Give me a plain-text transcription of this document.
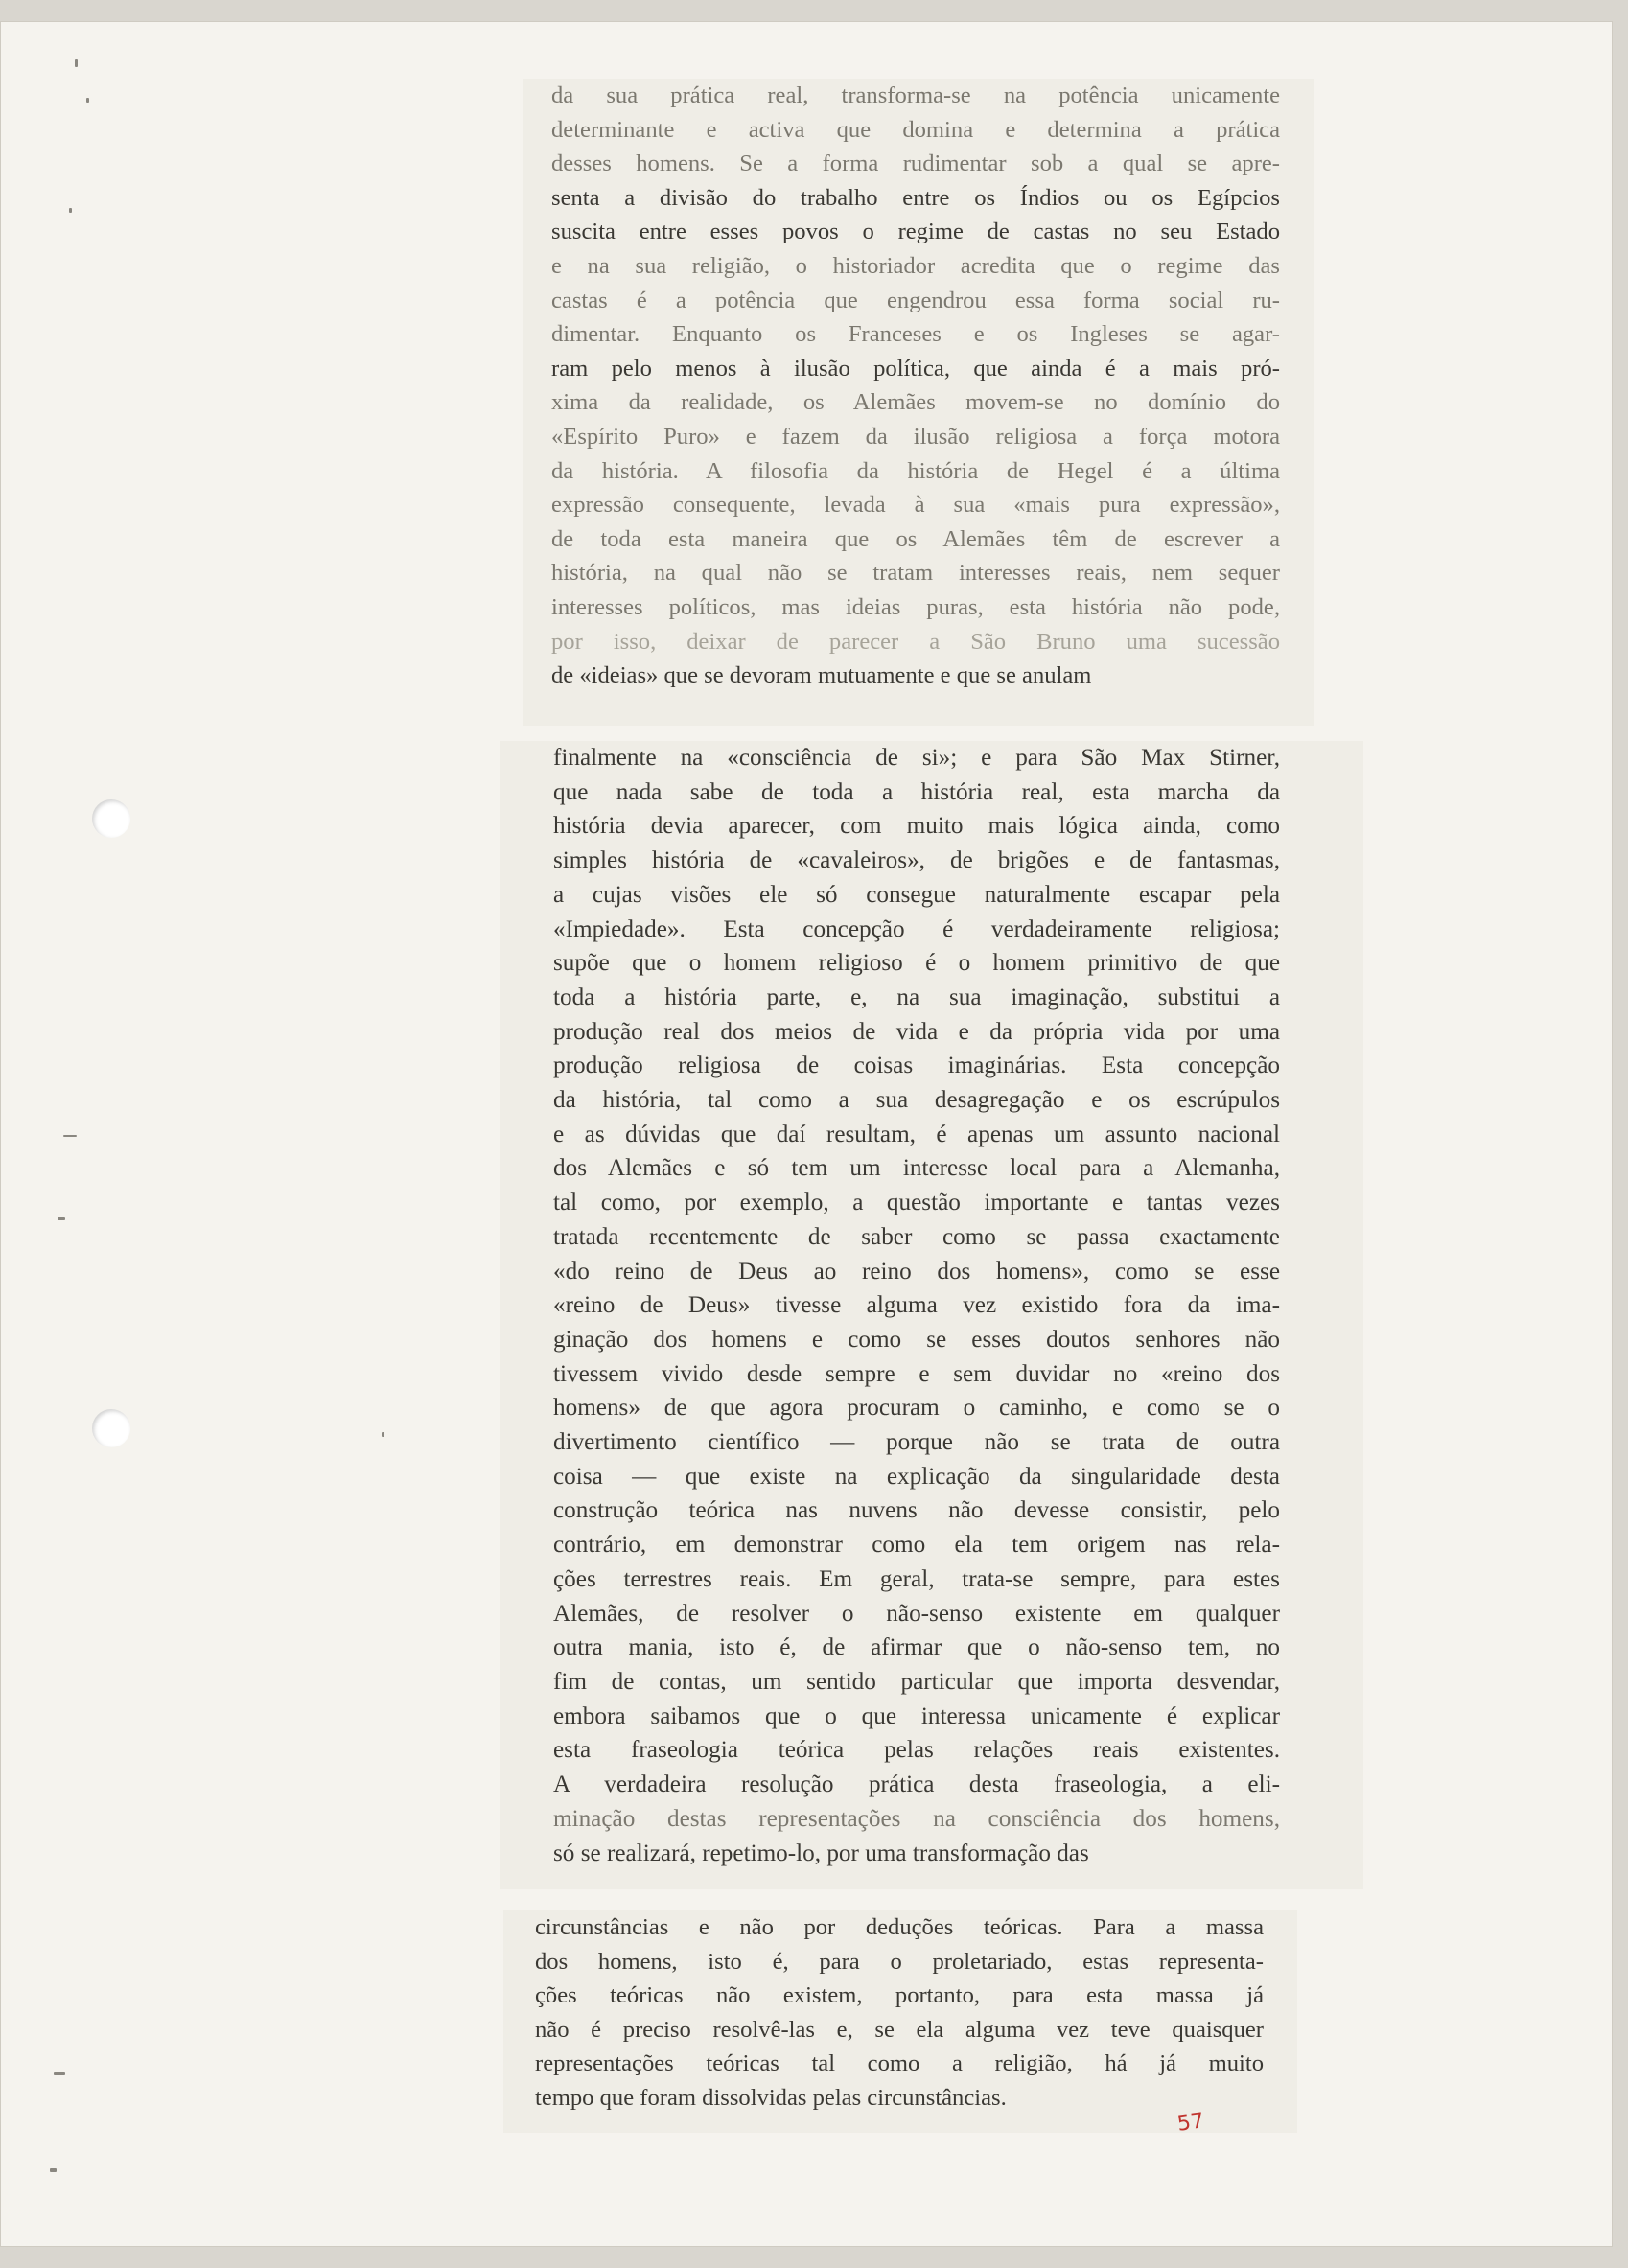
da sua prática real, transforma-se na potência unicamente
determinante e activa que domina e determina a prática
desses homens. Se a forma rudimentar sob a qual se apre-
senta a divisão do trabalho entre os Índios ou os Egípcios
suscita entre esses povos o regime de castas no seu Estado
e na sua religião, o historiador acredita que o regime das
castas é a potência que engendrou essa forma social ru-
dimentar. Enquanto os Franceses e os Ingleses se agar-
ram pelo menos à ilusão política, que ainda é a mais pró-
xima da realidade, os Alemães movem-se no domínio do
«Espírito Puro» e fazem da ilusão religiosa a força motora
da história. A filosofia da história de Hegel é a última
expressão consequente, levada à sua «mais pura expressão»,
de toda esta maneira que os Alemães têm de escrever a
história, na qual não se tratam interesses reais, nem sequer
interesses políticos, mas ideias puras, esta história não pode,
por isso, deixar de parecer a São Bruno uma sucessão
de «ideias» que se devoram mutuamente e que se anulam
finalmente na «consciência de si»; e para São Max Stirner,
que nada sabe de toda a história real, esta marcha da
história devia aparecer, com muito mais lógica ainda, como
simples história de «cavaleiros», de brigões e de fantasmas,
a cujas visões ele só consegue naturalmente escapar pela
«Impiedade». Esta concepção é verdadeiramente religiosa;
supõe que o homem religioso é o homem primitivo de que
toda a história parte, e, na sua imaginação, substitui a
produção real dos meios de vida e da própria vida por uma
produção religiosa de coisas imaginárias. Esta concepção
da história, tal como a sua desagregação e os escrúpulos
e as dúvidas que daí resultam, é apenas um assunto nacional
dos Alemães e só tem um interesse local para a Alemanha,
tal como, por exemplo, a questão importante e tantas vezes
tratada recentemente de saber como se passa exactamente
«do reino de Deus ao reino dos homens», como se esse
«reino de Deus» tivesse alguma vez existido fora da ima-
ginação dos homens e como se esses doutos senhores não
tivessem vivido desde sempre e sem duvidar no «reino dos
homens» de que agora procuram o caminho, e como se o
divertimento científico — porque não se trata de outra
coisa — que existe na explicação da singularidade desta
construção teórica nas nuvens não devesse consistir, pelo
contrário, em demonstrar como ela tem origem nas rela-
ções terrestres reais. Em geral, trata-se sempre, para estes
Alemães, de resolver o não-senso existente em qualquer
outra mania, isto é, de afirmar que o não-senso tem, no
fim de contas, um sentido particular que importa desvendar,
embora saibamos que o que interessa unicamente é explicar
esta fraseologia teórica pelas relações reais existentes.
A verdadeira resolução prática desta fraseologia, a eli-
minação destas representações na consciência dos homens,
só se realizará, repetimo-lo, por uma transformação das
circunstâncias e não por deduções teóricas. Para a massa
dos homens, isto é, para o proletariado, estas representa-
ções teóricas não existem, portanto, para esta massa já
não é preciso resolvê-las e, se ela alguma vez teve quaisquer
representações teóricas tal como a religião, há já muito
tempo que foram dissolvidas pelas circunstâncias.
57
